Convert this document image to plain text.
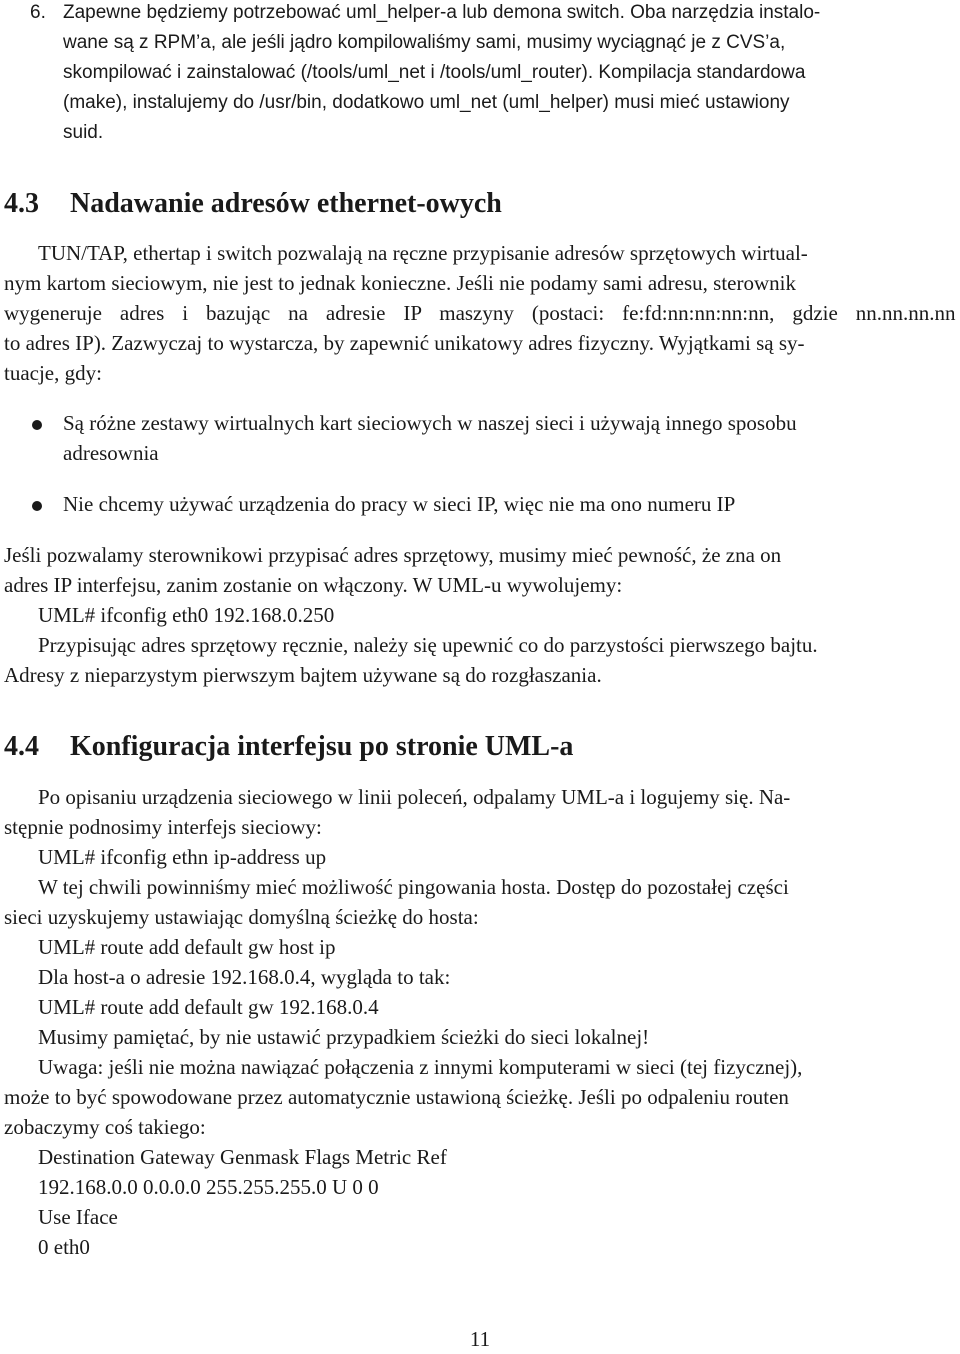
6. Zapewne będziemy potrzebować uml_helper-a lub demona switch. Oba narzędzia instalo-

wane są z RPM’a, ale jeśli jądro kompilowaliśmy sami, musimy wyciągnąć je z CVS’a,

skompilować i zainstalować (/tools/uml_net i /tools/uml_router). Kompilacja standardowa

(make), instalujemy do /usr/bin, dodatkowo uml_net (uml_helper) musi mieć ustawiony

suid.

4.3 Nadawanie adresów ethernet-owych

TUN/TAP, ethertap i switch pozwalają na ręczne przypisanie adresów sprzętowych wirtual-

nym kartom sieciowym, nie jest to jednak konieczne. Jeśli nie podamy sami adresu, sterownik

wygeneruje adres i bazując na adresie IP maszyny (postaci: fe:fd:nn:nn:nn:nn, gdzie nn.nn.nn.nn

to adres IP). Zazwyczaj to wystarcza, by zapewnić unikatowy adres fizyczny. Wyjątkami są sy-

tuacje, gdy:

Są różne zestawy wirtualnych kart sieciowych w naszej sieci i używają innego sposobu

adresownia

Nie chcemy używać urządzenia do pracy w sieci IP, więc nie ma ono numeru IP

Jeśli pozwalamy sterownikowi przypisać adres sprzętowy, musimy mieć pewność, że zna on

adres IP interfejsu, zanim zostanie on włączony. W UML-u wywolujemy:

UML# ifconfig eth0 192.168.0.250

Przypisując adres sprzętowy ręcznie, należy się upewnić co do parzystości pierwszego bajtu.

Adresy z nieparzystym pierwszym bajtem używane są do rozgłaszania.

4.4 Konfiguracja interfejsu po stronie UML-a

Po opisaniu urządzenia sieciowego w linii poleceń, odpalamy UML-a i logujemy się. Na-

stępnie podnosimy interfejs sieciowy:

UML# ifconfig ethn ip-address up

W tej chwili powinniśmy mieć możliwość pingowania hosta. Dostęp do pozostałej części

sieci uzyskujemy ustawiając domyślną ścieżkę do hosta:

UML# route add default gw host ip

Dla host-a o adresie 192.168.0.4, wygląda to tak:

UML# route add default gw 192.168.0.4

Musimy pamiętać, by nie ustawić przypadkiem ścieżki do sieci lokalnej!

Uwaga: jeśli nie można nawiązać połączenia z innymi komputerami w sieci (tej fizycznej),

może to być spowodowane przez automatycznie ustawioną ścieżkę. Jeśli po odpaleniu routen

zobaczymy coś takiego:

Destination Gateway Genmask Flags Metric Ref

192.168.0.0 0.0.0.0 255.255.255.0 U 0 0

Use Iface

0 eth0

11
